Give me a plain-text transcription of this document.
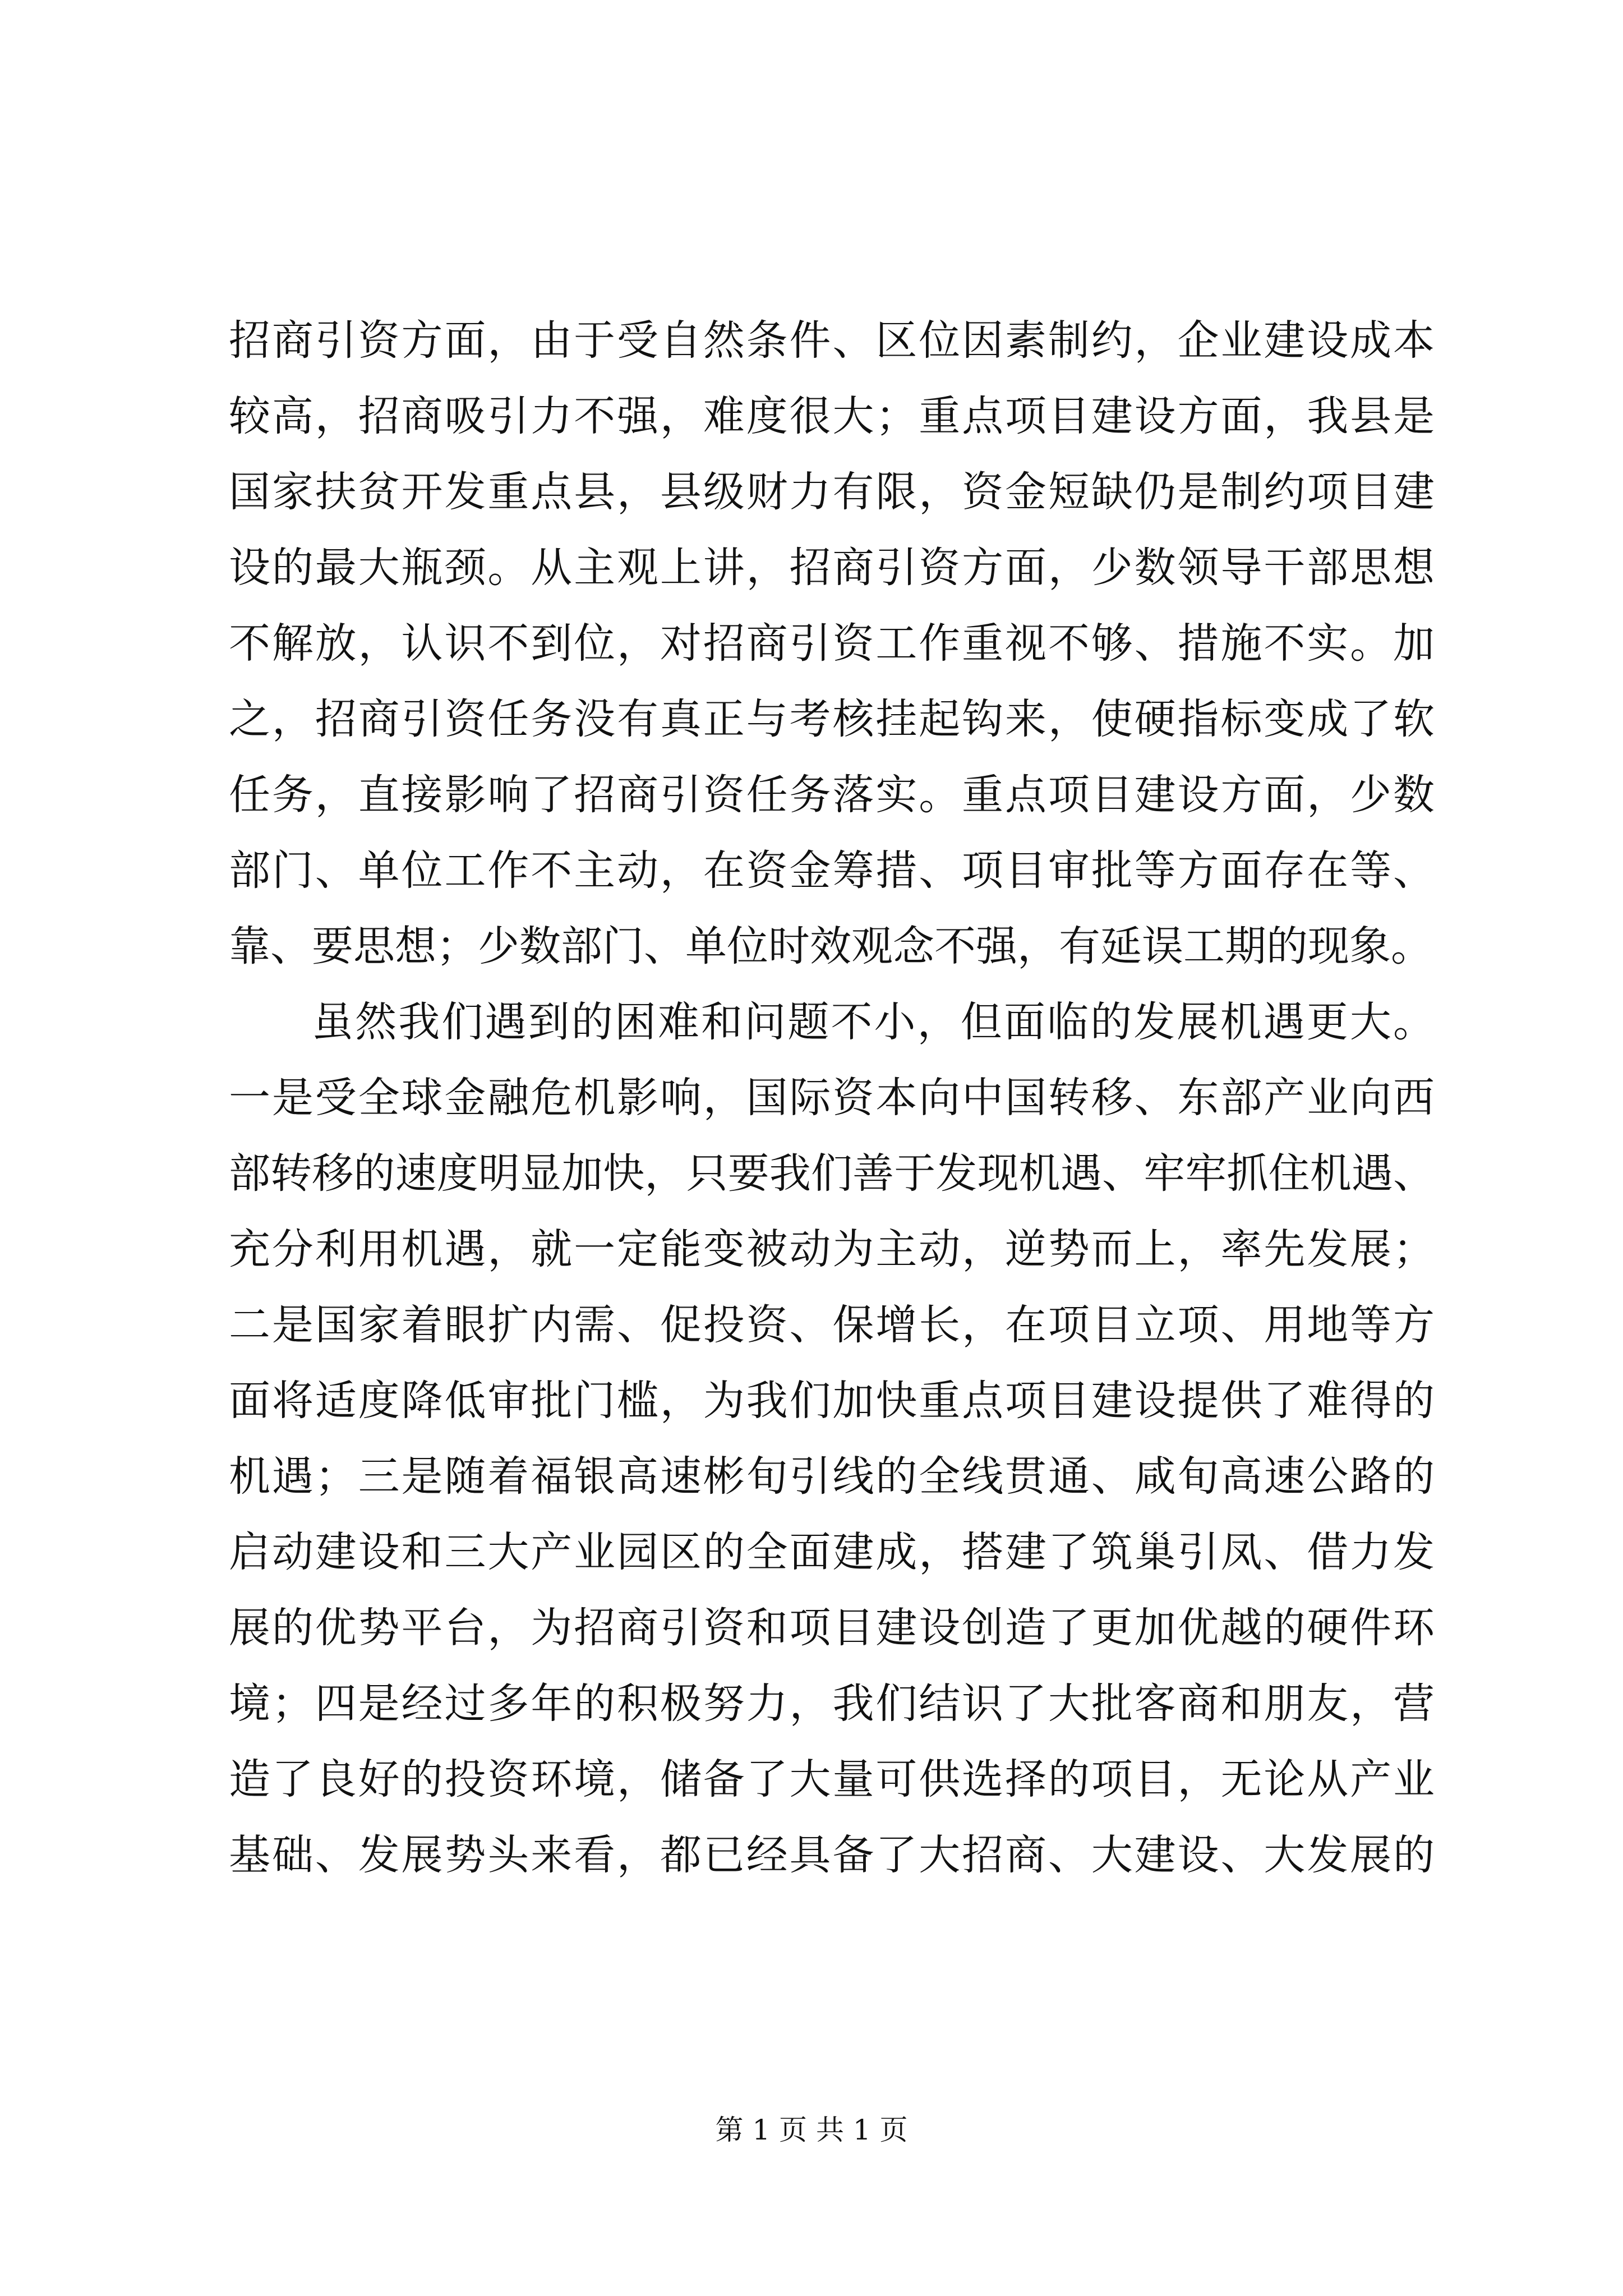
招商引资方面，由于受自然条件、区位因素制约，企业建设成本
较高，招商吸引力不强，难度很大；重点项目建设方面，我县是
国家扶贫开发重点县，县级财力有限，资金短缺仍是制约项目建
设的最大瓶颈。从主观上讲，招商引资方面，少数领导干部思想
不解放，认识不到位，对招商引资工作重视不够、措施不实。加
之，招商引资任务没有真正与考核挂起钩来，使硬指标变成了软
任务，直接影响了招商引资任务落实。重点项目建设方面，少数
部门、单位工作不主动，在资金筹措、项目审批等方面存在等、
靠、要思想；少数部门、单位时效观念不强，有延误工期的现象。
虽然我们遇到的困难和问题不小，但面临的发展机遇更大。
一是受全球金融危机影响，国际资本向中国转移、东部产业向西
部转移的速度明显加快，只要我们善于发现机遇、牢牢抓住机遇、
充分利用机遇，就一定能变被动为主动，逆势而上，率先发展；
二是国家着眼扩内需、促投资、保增长，在项目立项、用地等方
面将适度降低审批门槛，为我们加快重点项目建设提供了难得的
机遇；三是随着福银高速彬旬引线的全线贯通、咸旬高速公路的
启动建设和三大产业园区的全面建成，搭建了筑巢引凤、借力发
展的优势平台，为招商引资和项目建设创造了更加优越的硬件环
境；四是经过多年的积极努力，我们结识了大批客商和朋友，营
造了良好的投资环境，储备了大量可供选择的项目，无论从产业
基础、发展势头来看，都已经具备了大招商、大建设、大发展的
第 1 页 共 1 页
